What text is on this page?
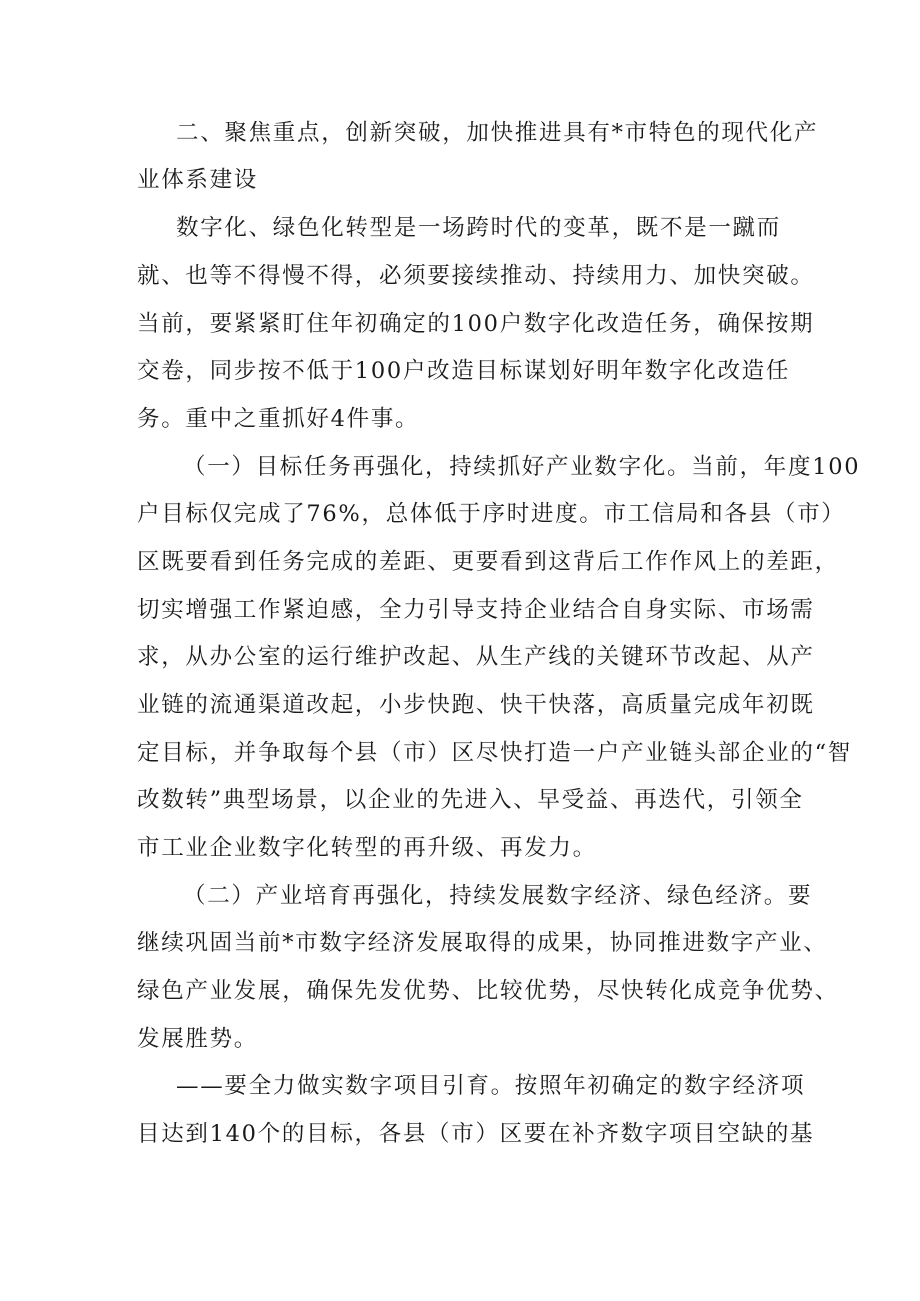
二、聚焦重点，创新突破，加快推进具有*市特色的现代化产
业体系建设
数字化、绿色化转型是一场跨时代的变革，既不是一蹴而
就、也等不得慢不得，必须要接续推动、持续用力、加快突破。
当前，要紧紧盯住年初确定的100户数字化改造任务，确保按期
交卷，同步按不低于100户改造目标谋划好明年数字化改造任
务。重中之重抓好4件事。
（一）目标任务再强化，持续抓好产业数字化。当前，年度100
户目标仅完成了76%，总体低于序时进度。市工信局和各县（市）
区既要看到任务完成的差距、更要看到这背后工作作风上的差距，
切实增强工作紧迫感，全力引导支持企业结合自身实际、市场需
求，从办公室的运行维护改起、从生产线的关键环节改起、从产
业链的流通渠道改起，小步快跑、快干快落，高质量完成年初既
定目标，并争取每个县（市）区尽快打造一户产业链头部企业的“智
改数转”典型场景，以企业的先进入、早受益、再迭代，引领全
市工业企业数字化转型的再升级、再发力。
（二）产业培育再强化，持续发展数字经济、绿色经济。要
继续巩固当前*市数字经济发展取得的成果，协同推进数字产业、
绿色产业发展，确保先发优势、比较优势，尽快转化成竞争优势、
发展胜势。
——要全力做实数字项目引育。按照年初确定的数字经济项
目达到140个的目标，各县（市）区要在补齐数字项目空缺的基
